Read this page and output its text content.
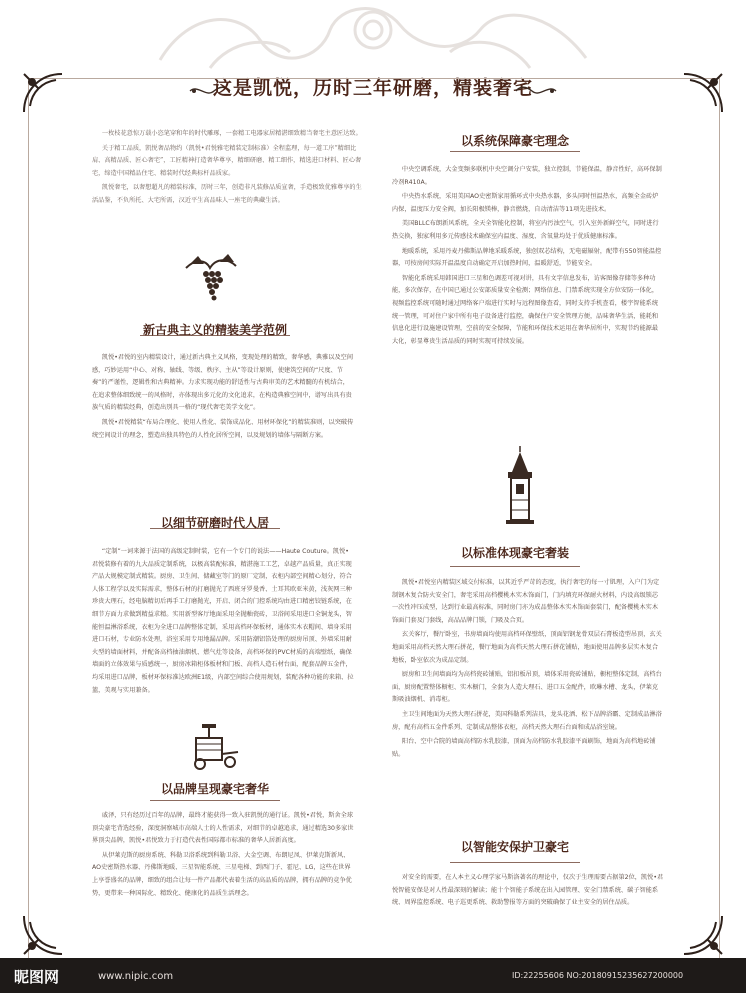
这是凯悦，历时三年研磨，精装奢宅

一枚枝花意惊万载小恣笔穿和年的时代雕琢，一套精工电器家居精湛细致精当奢宅主意匠达致。

关于精工品质，凯悦奢品物约（凯悦•君悦雅宅精装定制标准）全程监理，每一道工序“精细比肩、高精品质、匠心奢宅”，工匠精神打造奢华尊享，精细研磨、精工细作，精选进口材料、匠心奢宅，缔造中国精品住宅、精装时代经典标杆品质家。

凯悦奢宅，以奢想超凡的精装标准，历时三年，创造非凡装修品质宣奢，手造极致优雅尊享的生活品鉴，不负所托、大宅所需，汉近平生高品味人一座宅的典藏生活。

新古典主义的精装美学范例

凯悦•君悦的室内精装设计，通过新古典主义风格，变现处理的精致，奢华感，典雅以及空间感，巧妙运用“中心、对称、轴线、等级、秩序、主从”等设计原则，使建筑空间的“尺度、节奏”的严谨性，逻辑性和古典精神。力求实现功能的舒适性与古典审美的艺术精髓的有机结合，在追求整体细致统一的风格时，亦体现出多元化的文化追求，在构造典雅空间中，谱写出具有贵族气质的精装经典，创造出别具一格的“现代奢宅美学文化”。

凯悦•君悦精装“布局合理化、使用人性化、装饰成品化、用材环保化”的精装准则，以突破传统空间设计的理念，塑造出独具特色的人性化居所空间，以及规划的墙体与隔断方案。

以细节研磨时代人居

“定制”一词来源于法国的高级定制时装，它有一个专门的说法——Haute Couture。凯悦•君悦装修有着的九大品质定制系统，以极高装配标准，精湛施工工艺，卓越产品质量，真正实现产品大规模定制式精装。厨房、卫生间、储藏室等门的原厂定制，衣柜内部空间精心划分，符合人体工程学以及实际需求，整体石材的打磨抛光了西班牙罗曼香、土耳其欧亚米黄，浅灰网三种珍贵大理石，经电脑精切后再手工打磨抛光，开启、闭合的门控系统均由进口精密铰链系统，在细节方面力求做到精益求精。实用新型客厅地面采用全抛釉瓷砖，卫浴间采用进口全铜龙头，智能恒温淋浴系统，衣柜为全进口品牌整体定制，采用高档环保板材，通体实木衣帽间、墙身采用进口石材，专业防水处理，浴室采用专用地漏品牌。采用防潮铝箔处理的厨房吊顶、外墙采用耐火型的墙面材料，并配备高档抽油烟机、燃气灶等设备，高档环保的PVC材质的高端壁纸，确保墙面的立体效果与质感统一，厨房冰箱柜体板材和门板、高档人造石材台面，配套品牌五金件，均采用进口品牌，板材环保标准达欧洲E1级，内部空间综合使用规划，装配各种功能的来箱、拉篮，美观与实用兼备。

以品牌呈现豪宅奢华

戚泽，只有经历过百年的品牌，最终才能获得一致入驻凯悦的通行证。凯悦•君悦，斯舍全球顶尖豪宅背选经验，深度洞察城市高端人士的人性需求，对细节的卓越追求，通过精选30多家世界顶尖品牌，凯悦•君悦致力于打造代表性国际都市标准的奢华人居新高度。

从伊莱克斯的厨房系统、科勒卫浴系统到科勒卫浴、大金空调、布朗尼凤、伊莱克斯新风、AO史密斯热水器、丹佛斯地暖、三星智能系统、三星电梯、到西门子、霍尼、LG，这些在世界上享誉盛名的品牌，细致的组合让每一件产品都代表着生活的高品质的品牌，拥有品牌的竞争优势，更带来一种国际化、精致化、健康化的品质生活理念。

以系统保障豪宅理念

中央空调系统，大金变频多联机中央空调分户安装，独立控制，节能保温，静音性好，高环保制冷剂R410A。

中央热水系统，采用美国AO史密斯家用循环式中央热水器，多头同时恒温热水，高频全金砖炉内保，温度压力安全阀，加长阳极镁棒，静音燃烧，自动清洁等11项先进技术。

美国BLLC布朗新风系统，全天全智能化控制，将室内污浊空气，引入室外新鲜空气，同时进行热交换，独家利用多元传感技术确保室内温度、湿度、含氧量均处于优质健康标准。

地暖系统，采用丹麦丹佛斯品牌地采暖系统，独创双芯结构，无电磁辐射，配带有550智能温控器，可按房间实际开温温度自动确定开启加热时间，温暖舒适，节能安全。

智能化系统采用韩国进口三星和色调差可视对讲，具有文字信息发布，访客图像存储等多种功能，多次保存，在中国已通过公安部质量安全检测；网络信息、门禁系统实现全方位安防一体化，视频监控系统可随时通过网络客户端进行实时与远程图像查看，同时支持手机查看，楼宇智能系统统一管理，可对住户家中所有电子设备进行监控，确保住户安全管理方便，品味奢华生活，能耗和信息化进行设施建设管理，空前的安全保障，节能和环保技术运用在奢华居所中，实现节约能源最大化，彰显尊贵生活品质的同时实现可持续发展。

以标准体现豪宅奢装

凯悦•君悦室内精装区域交付标准，以其近乎严苛的态度，执行奢宅的每一寸肌理，入户门为定制钢木复合防火安全门，奢宅采用高档樱桃木实木饰面门，门内填充环保耐火材料，内设高级锁芯一次性冲压成型，达到行业最高标准，同时房门亦为成品整体木实木饰面套装门，配备樱桃木实木饰面门套及门套线，高品品牌门锁，门吸及合页。

玄关客厅，餐厅卧室，书房墙面均使用高档环保壁纸，顶面铝钢龙骨双层石膏板造型吊顶，玄关地面采用高档天然大理石拼花，餐厅地面为高档天然大理石拼花铺贴，地面使用品牌多层实木复合地板，卧室依次为成品定制。

厨房和卫生间墙面均为高档瓷砖铺贴，铝扣板吊顶，墙体采用瓷砖铺贴，橱柜整体定制，高档台面，厨房配置整体橱柜、实木橱门，全套为人造大理石、进口五金配件，欧琳水槽、龙头，伊莱克斯吸油烟机、消毒柜。

主卫生间地面为天然大理石拼花，美国科勒系列洁具，龙头花洒、松下品牌浴霸、定制成品淋浴房，配有高档五金件系列、定制成品整体衣柜，高档天然大理石台面和成品浴室镜。

阳台、空中合院的墙面高档防水乳胶漆，顶面为高档防水乳胶漆平面刷饰，地面为高档地砖铺贴。

以智能安保护卫豪宅

对安全的需要，在人本主义心理学家马斯洛著名的理论中，仅次于生理需要占据第2位，凯悦•君悦智能安保是对人性最深刻的解读；能十个智能子系统在出入园管理、安全门禁系统、碳子智能系统、周界监控系统、电子巡更系统、救助警报等方面的突破确保了业主安全的居住品质。

昵图网	www.nipic.com	ID:22255606 NO:20180915235627200000
